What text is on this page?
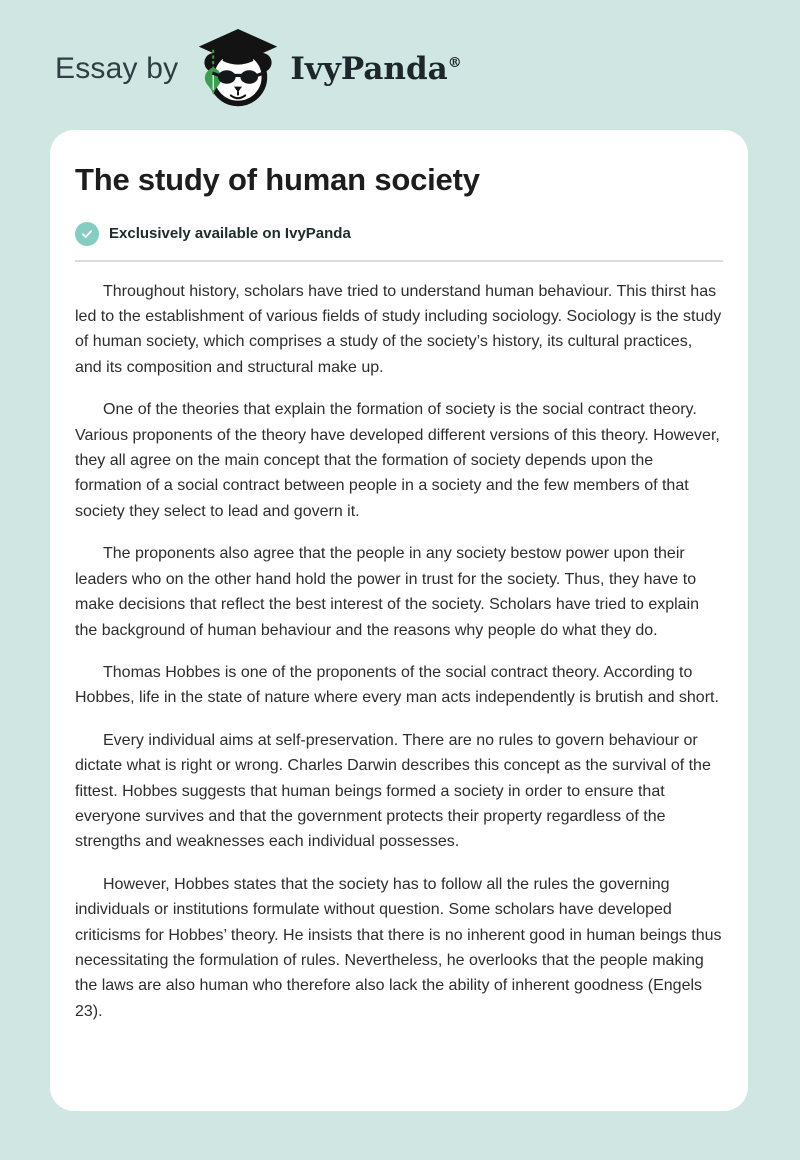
Essay by	IvyPanda®
The study of human society
Exclusively available on IvyPanda

Throughout history, scholars have tried to understand human behaviour. This thirst has led to the establishment of various fields of study including sociology. Sociology is the study of human society, which comprises a study of the society’s history, its cultural practices, and its composition and structural make up.

One of the theories that explain the formation of society is the social contract theory. Various proponents of the theory have developed different versions of this theory. However, they all agree on the main concept that the formation of society depends upon the formation of a social contract between people in a society and the few members of that society they select to lead and govern it.

The proponents also agree that the people in any society bestow power upon their leaders who on the other hand hold the power in trust for the society. Thus, they have to make decisions that reflect the best interest of the society. Scholars have tried to explain the background of human behaviour and the reasons why people do what they do.

Thomas Hobbes is one of the proponents of the social contract theory. According to Hobbes, life in the state of nature where every man acts independently is brutish and short.

Every individual aims at self-preservation. There are no rules to govern behaviour or dictate what is right or wrong. Charles Darwin describes this concept as the survival of the fittest. Hobbes suggests that human beings formed a society in order to ensure that everyone survives and that the government protects their property regardless of the strengths and weaknesses each individual possesses.

However, Hobbes states that the society has to follow all the rules the governing individuals or institutions formulate without question. Some scholars have developed criticisms for Hobbes’ theory. He insists that there is no inherent good in human beings thus necessitating the formulation of rules. Nevertheless, he overlooks that the people making the laws are also human who therefore also lack the ability of inherent goodness (Engels 23).
